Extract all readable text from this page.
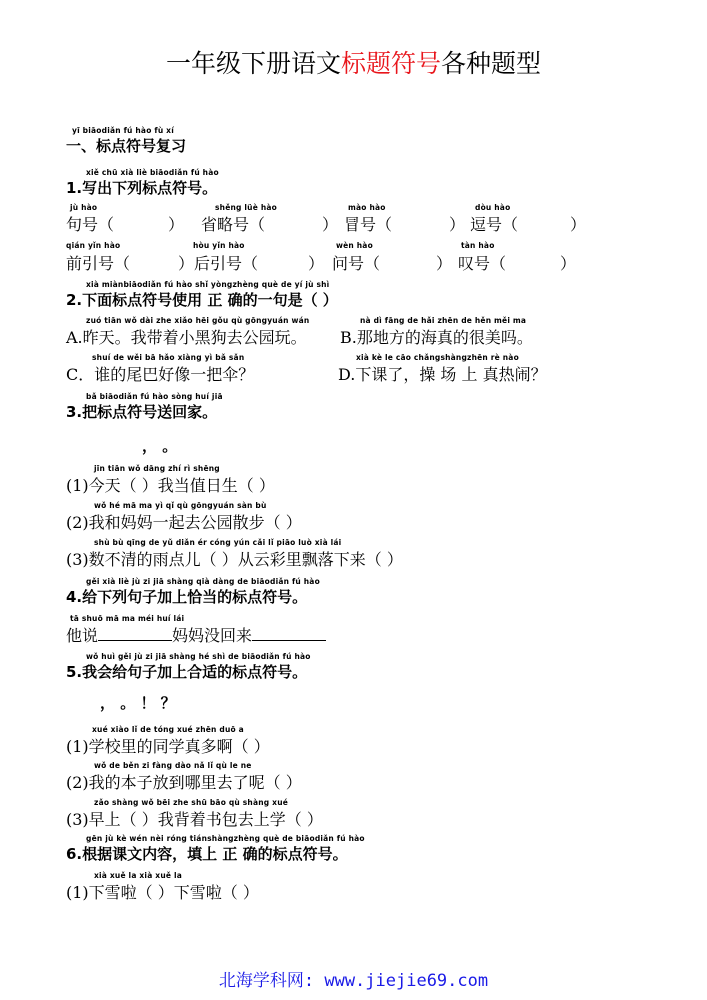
一年级下册语文标题符号各种题型
yī biāodiǎn fú hào fù xí
一、标点符号复习
xiě chū xià liè biāodiǎn fú hào
1.写出下列标点符号。
jù hào	shěng lüè hào	mào hào	dòu hào
句号（	） 省略号（	） 冒号（	） 逗号（	）
qián yǐn hào	hòu yǐn hào	wèn hào	tàn hào
前引号（	）后引号（	） 问号（	） 叹号（	）
xià miànbiāodiǎn fú hào shǐ yòngzhèng què de yí jù shì
2.下面标点符号使用 正 确的一句是（ ）
zuó tiān wǒ dài zhe xiǎo hēi gǒu qù gōngyuán wán	nà dì fāng de hǎi zhēn de hěn měi ma
A.昨天。我带着小黑狗去公园玩。 B.那地方的海真的很美吗。
shuí de wěi bā hǎo xiàng yì bǎ sǎn	xià kè le cāo chǎngshàngzhēn rè nào
C．谁的尾巴好像一把伞？	D.下课了，操 场 上 真热闹？
bǎ biāodiǎn fú hào sòng huí jiā
3.把标点符号送回家。
， 。
jīn tiān wǒ dāng zhí rì shēng
(1)今天（ ）我当值日生（ ）
(2)我和妈妈一起去公园散步（ ）
wǒ hé mā ma yì qǐ qù gōngyuán sàn bù
shù bù qīng de yǔ diǎn ér cóng yún cǎi lǐ piāo luò xià lái
(3)数不清的雨点儿（ ）从云彩里飘落下来（ ）
gěi xià liè jù zi jiā shàng qià dàng de biāodiǎn fú hào
4.给下列句子加上恰当的标点符号。
tā shuō mā ma méi huí lái
他说	妈妈没回来
wǒ huì gěi jù zi jiā shàng hé shì de biāodiǎn fú hào
5.我会给句子加上合适的标点符号。
， 。 ！ ？
xué xiào lǐ de tóng xué zhēn duō a
(1)学校里的同学真多啊（ ）
wǒ de běn zi fàng dào nǎ lǐ qù le ne
(2)我的本子放到哪里去了呢（ ）
zǎo shàng wǒ bēi zhe shū bāo qù shàng xué
(3)早上（ ）我背着书包去上学（ ）
gēn jù kè wén nèi róng tiánshàngzhèng què de biāodiǎn fú hào
6.根据课文内容，填上 正 确的标点符号。
xià xuě la xià xuě la
(1)下雪啦（ ）下雪啦（ ）
北海学科网: www.jiejie69.com
